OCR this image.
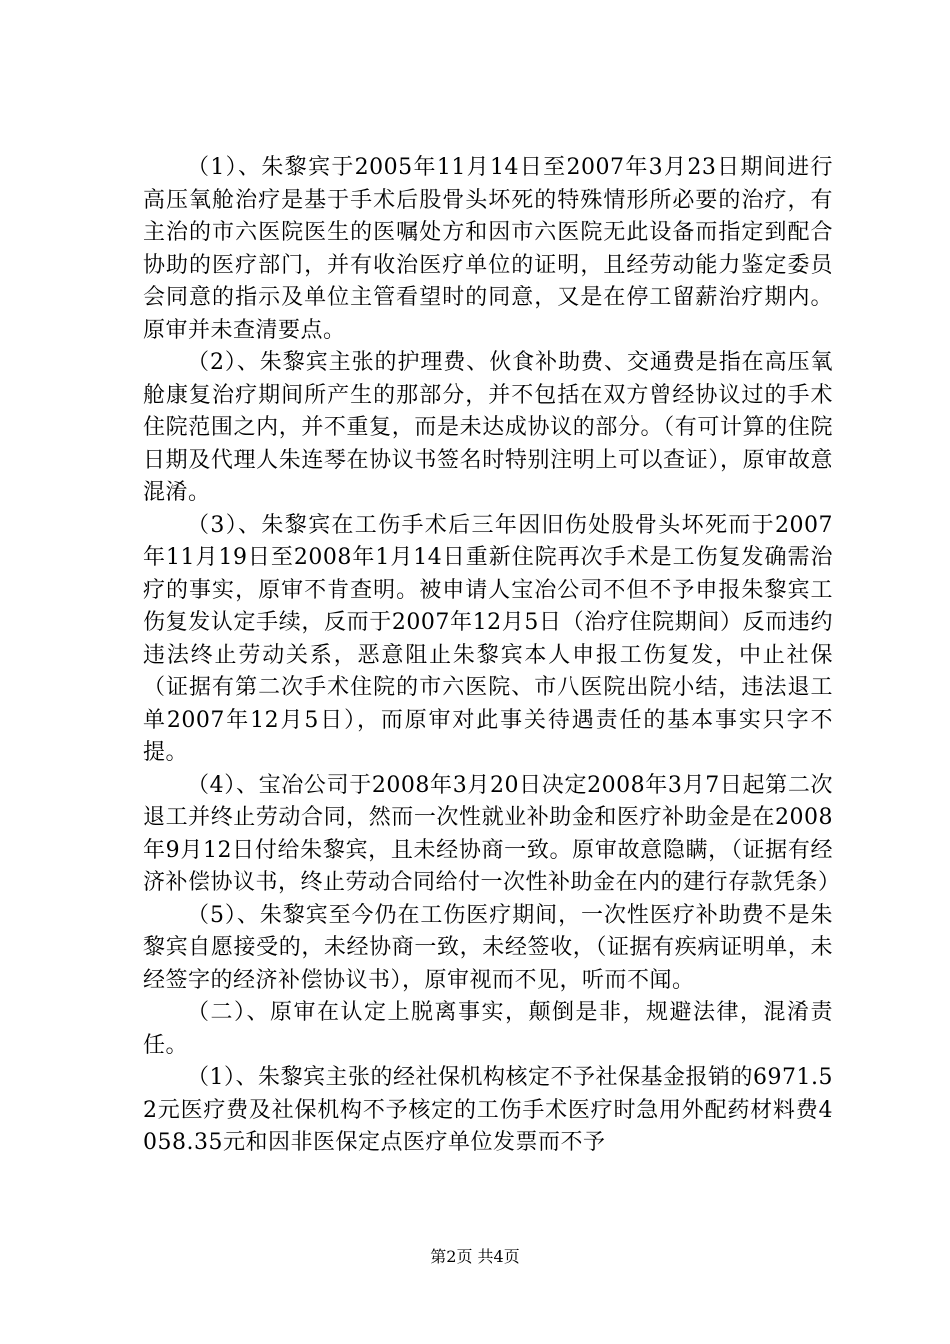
（1）、朱黎宾于2005年11月14日至2007年3月23日期间进行高压氧舱治疗是基于手术后股骨头坏死的特殊情形所必要的治疗，有主治的市六医院医生的医嘱处方和因市六医院无此设备而指定到配合协助的医疗部门，并有收治医疗单位的证明，且经劳动能力鉴定委员会同意的指示及单位主管看望时的同意，又是在停工留薪治疗期内。原审并未查清要点。

（2）、朱黎宾主张的护理费、伙食补助费、交通费是指在高压氧舱康复治疗期间所产生的那部分，并不包括在双方曾经协议过的手术住院范围之内，并不重复，而是未达成协议的部分。（有可计算的住院日期及代理人朱连琴在协议书签名时特别注明上可以查证），原审故意混淆。

（3）、朱黎宾在工伤手术后三年因旧伤处股骨头坏死而于2007年11月19日至2008年1月14日重新住院再次手术是工伤复发确需治疗的事实，原审不肯查明。被申请人宝冶公司不但不予申报朱黎宾工伤复发认定手续，反而于2007年12月5日（治疗住院期间）反而违约违法终止劳动关系，恶意阻止朱黎宾本人申报工伤复发，中止社保（证据有第二次手术住院的市六医院、市八医院出院小结，违法退工单2007年12月5日），而原审对此事关待遇责任的基本事实只字不提。

（4）、宝冶公司于2008年3月20日决定2008年3月7日起第二次退工并终止劳动合同，然而一次性就业补助金和医疗补助金是在2008年9月12日付给朱黎宾，且未经协商一致。原审故意隐瞒，（证据有经济补偿协议书，终止劳动合同给付一次性补助金在内的建行存款凭条）

（5）、朱黎宾至今仍在工伤医疗期间，一次性医疗补助费不是朱黎宾自愿接受的，未经协商一致，未经签收，（证据有疾病证明单，未经签字的经济补偿协议书），原审视而不见，听而不闻。

（二）、原审在认定上脱离事实，颠倒是非，规避法律，混淆责任。

（1）、朱黎宾主张的经社保机构核定不予社保基金报销的6971.52元医疗费及社保机构不予核定的工伤手术医疗时急用外配药材料费4058.35元和因非医保定点医疗单位发票而不予

第2页 共4页
